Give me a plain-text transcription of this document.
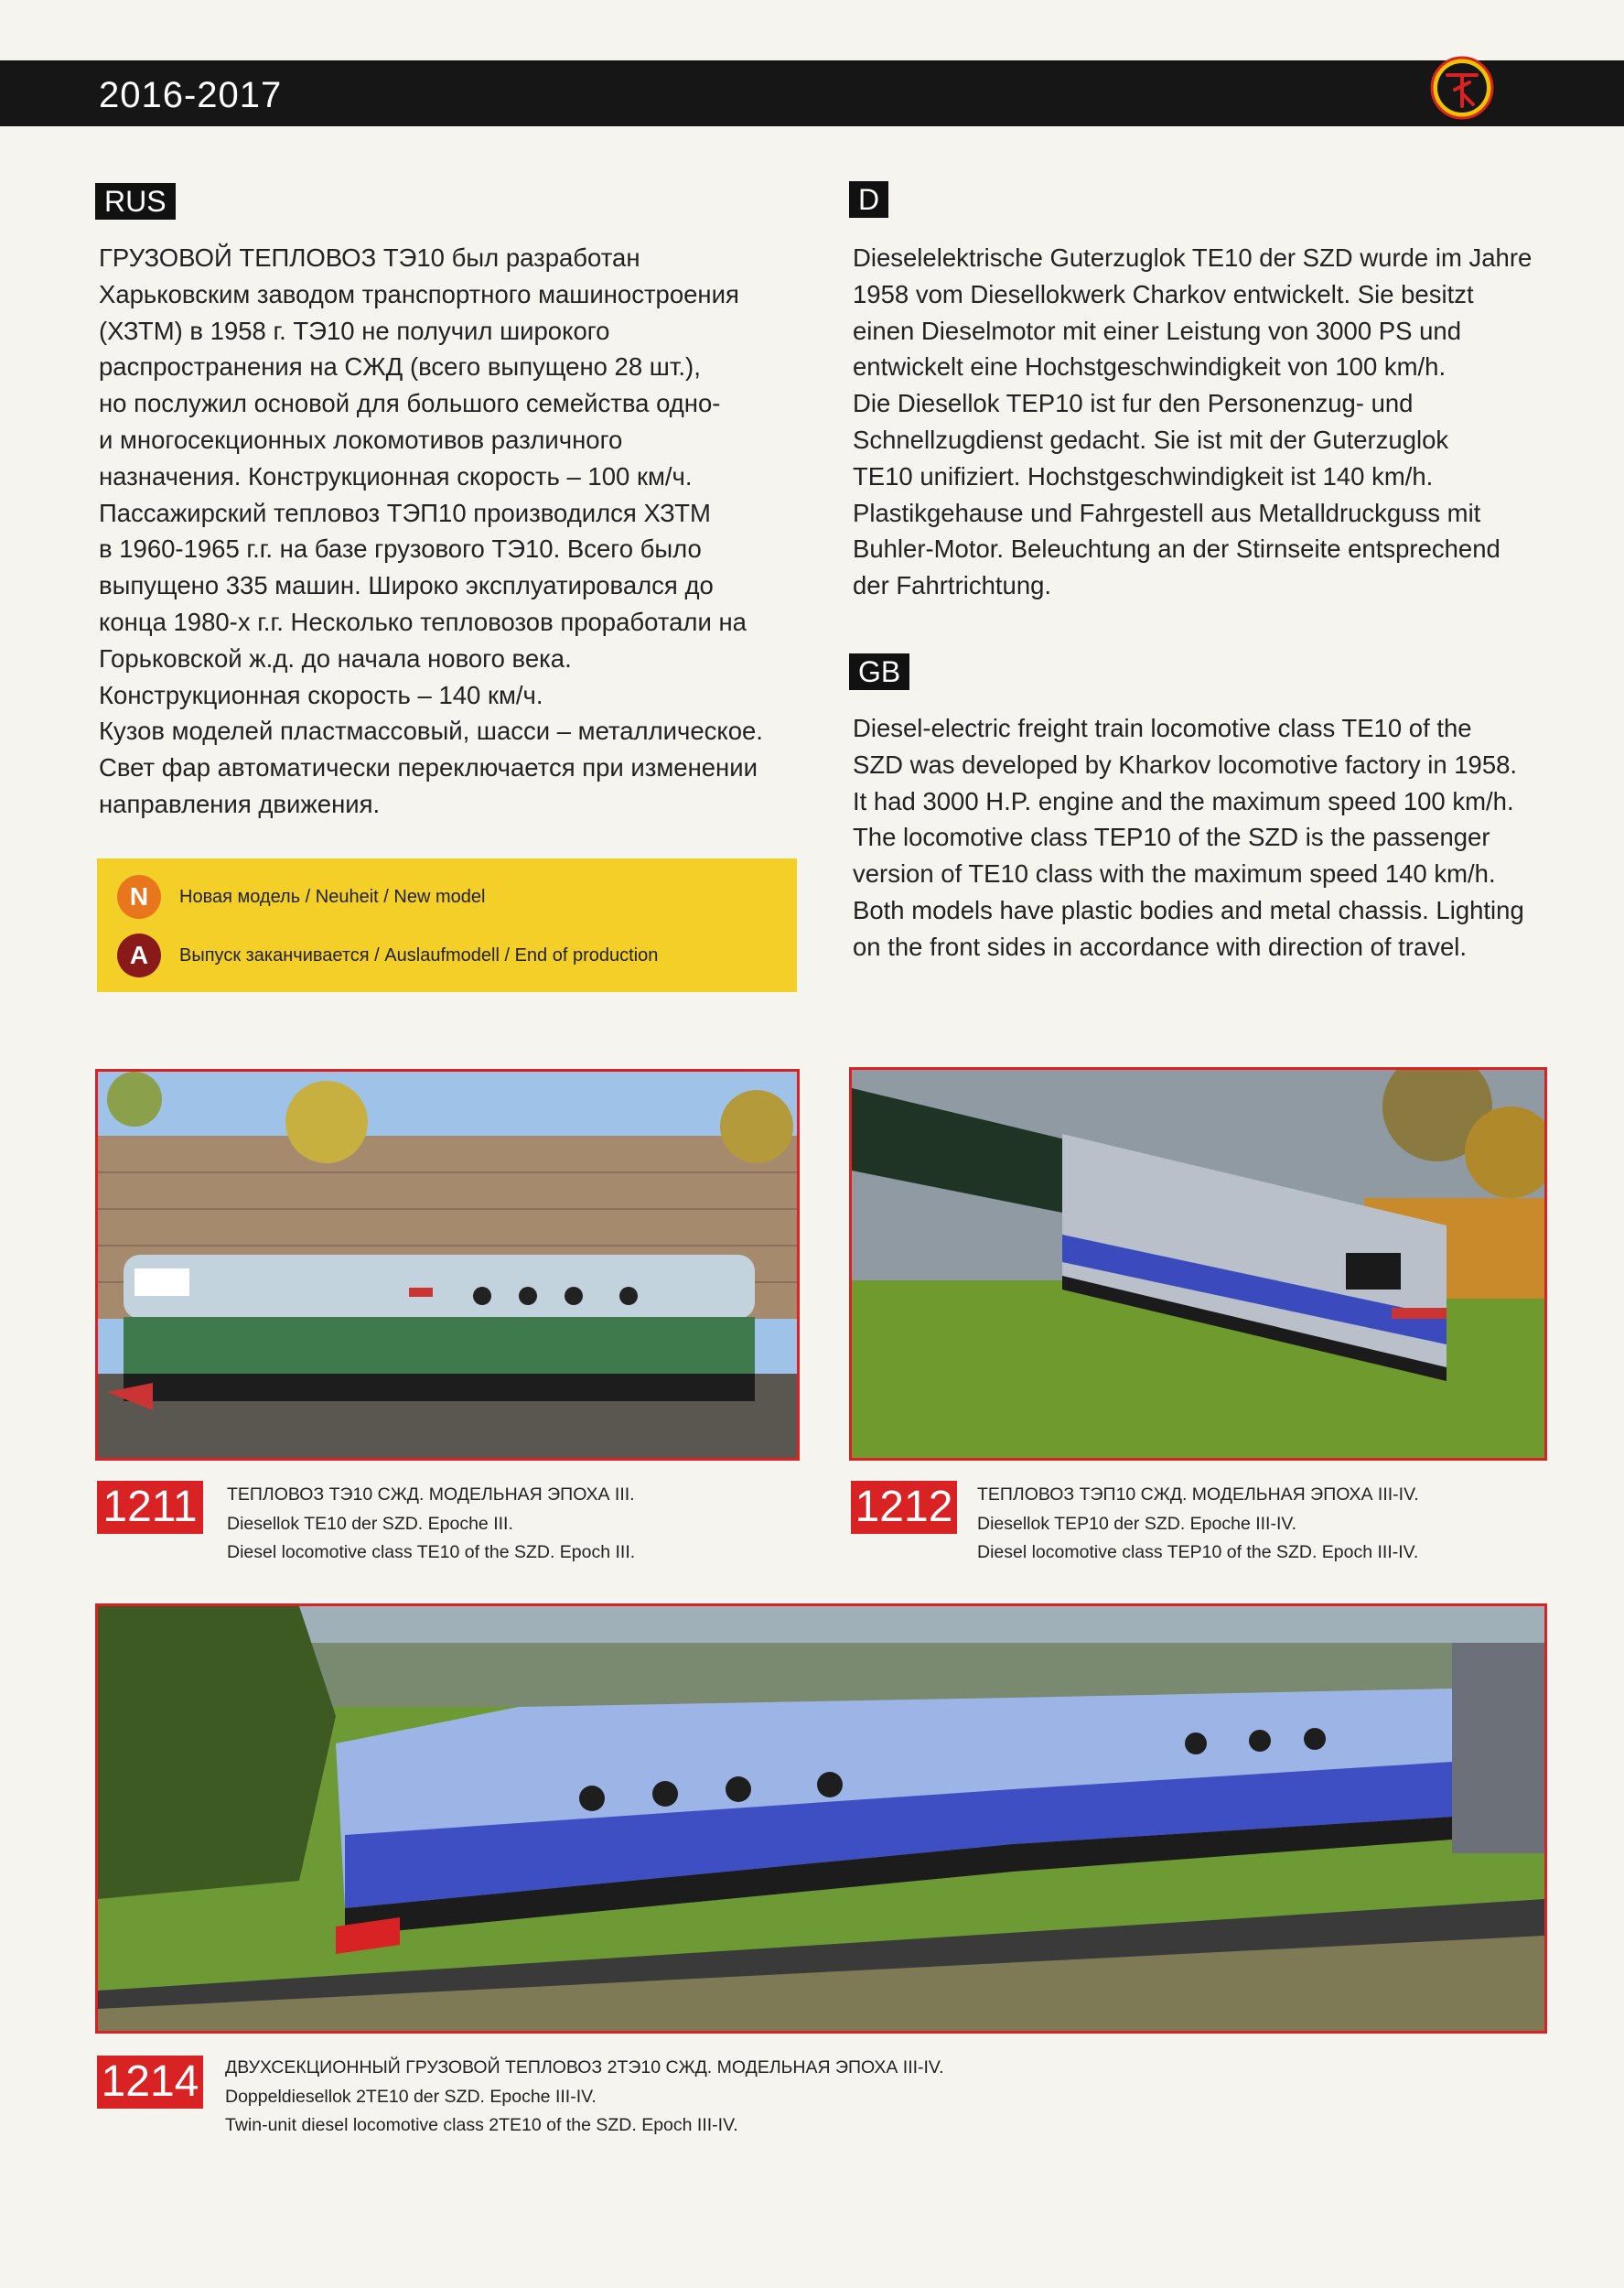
2016-2017
RUS
ГРУЗОВОЙ ТЕПЛОВОЗ ТЭ10 был разработан
Харьковским заводом транспортного машиностроения
(ХЗТМ) в 1958 г. ТЭ10 не получил широкого
распространения на СЖД (всего выпущено 28 шт.),
но послужил основой для большого семейства одно-
и многосекционных локомотивов различного
назначения. Конструкционная скорость – 100 км/ч.
Пассажирский тепловоз ТЭП10 производился ХЗТМ
в 1960-1965 г.г. на базе грузового ТЭ10. Всего было
выпущено 335 машин. Широко эксплуатировался до
конца 1980-х г.г. Несколько тепловозов проработали на
Горьковской ж.д. до начала нового века.
Конструкционная скорость – 140 км/ч.
Кузов моделей пластмассовый, шасси – металлическое.
Свет фар автоматически переключается при изменении
направления движения.
N	Новая модель / Neuheit / New model
A	Выпуск заканчивается / Auslaufmodell / End of production
D
Dieselelektrische Guterzuglok TE10 der SZD wurde im Jahre
1958 vom Diesellokwerk Charkov entwickelt. Sie besitzt
einen Dieselmotor mit einer Leistung von 3000 PS und
entwickelt eine Hochstgeschwindigkeit von 100 km/h.
Die Diesellok TEP10 ist fur den Personenzug- und
Schnellzugdienst gedacht. Sie ist mit der Guterzuglok
TE10 unifiziert. Hochstgeschwindigkeit ist 140 km/h.
Plastikgehause und Fahrgestell aus Metalldruckguss mit
Buhler-Motor. Beleuchtung an der Stirnseite entsprechend
der Fahrtrichtung.
GB
Diesel-electric freight train locomotive class TE10 of the
SZD was developed by Kharkov locomotive factory in 1958.
It had 3000 H.P. engine and the maximum speed 100 km/h.
The locomotive class TEP10 of the SZD is the passenger
version of TE10 class with the maximum speed 140 km/h.
Both models have plastic bodies and metal chassis. Lighting
on the front sides in accordance with direction of travel.
1211	ТЕПЛОВОЗ ТЭ10 СЖД. МОДЕЛЬНАЯ ЭПОХА III.
Diesellok TE10 der SZD. Epoche III.
Diesel locomotive class TE10 of the SZD. Epoch III.
1212 ТЕПЛОВОЗ ТЭП10 СЖД. МОДЕЛЬНАЯ ЭПОХА III-IV.
Diesellok TEP10 der SZD. Epoche III-IV.
Diesel locomotive class TEP10 of the SZD. Epoch III-IV.
1214 ДВУХСЕКЦИОННЫЙ ГРУЗОВОЙ ТЕПЛОВОЗ 2ТЭ10 СЖД. МОДЕЛЬНАЯ ЭПОХА III-IV.
Doppeldiesellok 2TE10 der SZD. Epoche III-IV.
Twin-unit diesel locomotive class 2TE10 of the SZD. Epoch III-IV.
